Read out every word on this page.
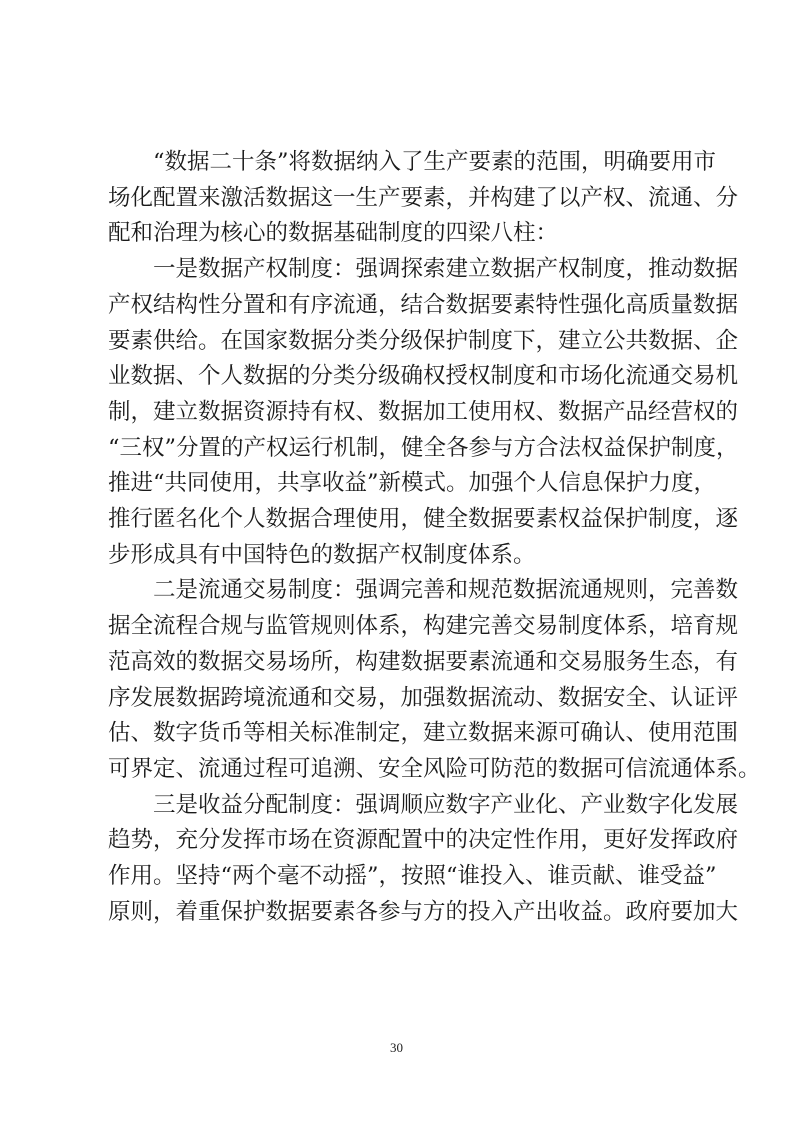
“数据二十条”将数据纳入了生产要素的范围，明确要用市
场化配置来激活数据这一生产要素，并构建了以产权、流通、分
配和治理为核心的数据基础制度的四梁八柱：

一是数据产权制度：强调探索建立数据产权制度，推动数据
产权结构性分置和有序流通，结合数据要素特性强化高质量数据
要素供给。在国家数据分类分级保护制度下，建立公共数据、企
业数据、个人数据的分类分级确权授权制度和市场化流通交易机
制，建立数据资源持有权、数据加工使用权、数据产品经营权的
“三权”分置的产权运行机制，健全各参与方合法权益保护制度，
推进“共同使用，共享收益”新模式。加强个人信息保护力度，
推行匿名化个人数据合理使用，健全数据要素权益保护制度，逐
步形成具有中国特色的数据产权制度体系。

二是流通交易制度：强调完善和规范数据流通规则，完善数
据全流程合规与监管规则体系，构建完善交易制度体系，培育规
范高效的数据交易场所，构建数据要素流通和交易服务生态，有
序发展数据跨境流通和交易，加强数据流动、数据安全、认证评
估、数字货币等相关标准制定，建立数据来源可确认、使用范围
可界定、流通过程可追溯、安全风险可防范的数据可信流通体系。

三是收益分配制度：强调顺应数字产业化、产业数字化发展
趋势，充分发挥市场在资源配置中的决定性作用，更好发挥政府
作用。坚持“两个毫不动摇”，按照“谁投入、谁贡献、谁受益”
原则，着重保护数据要素各参与方的投入产出收益。政府要加大

30
